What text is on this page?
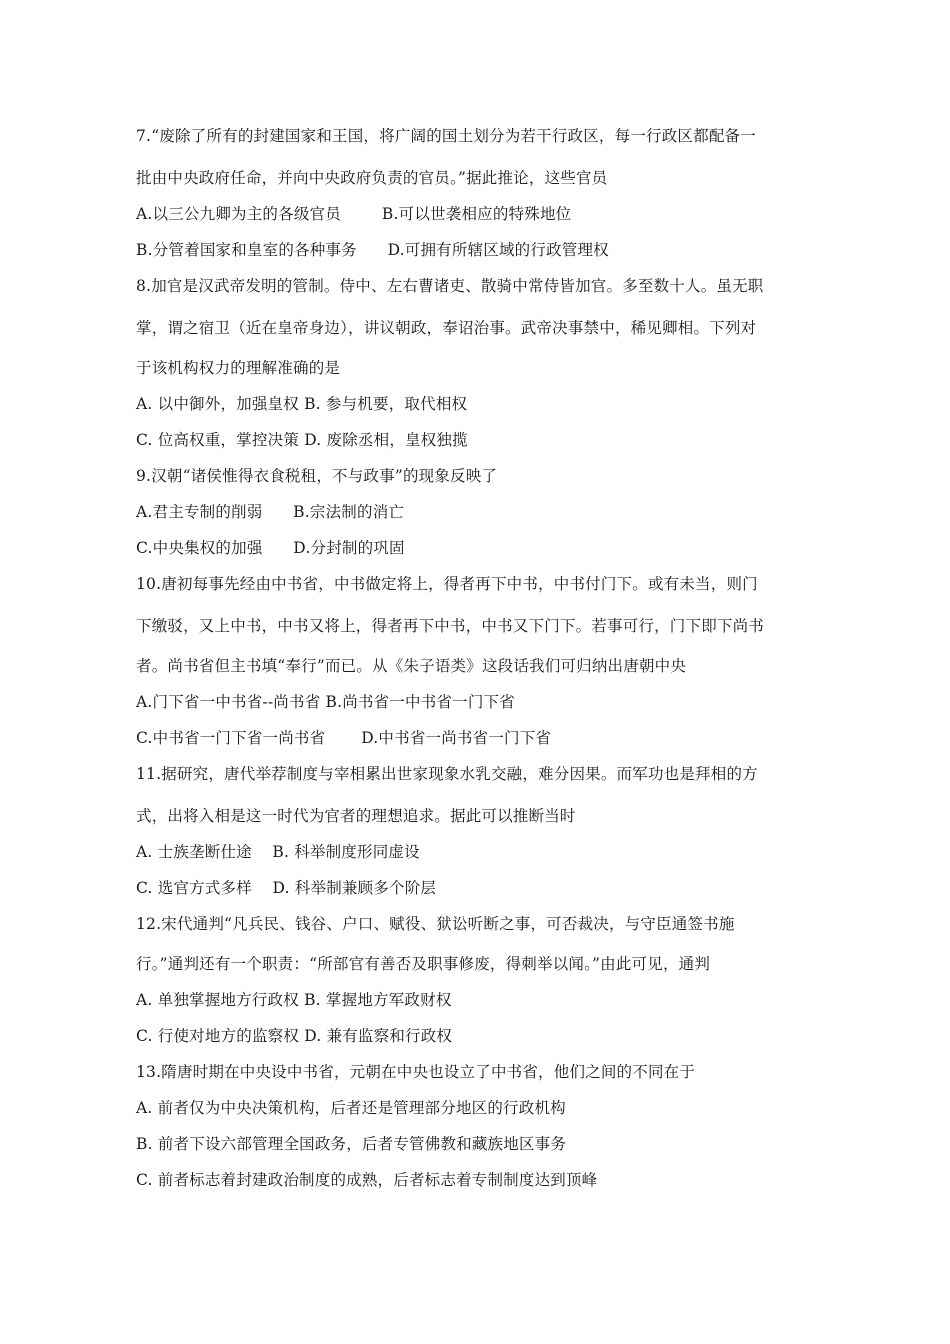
7.“废除了所有的封建国家和王国，将广阔的国土划分为若干行政区，每一行政区都配备一
批由中央政府任命，并向中央政府负责的官员。”据此推论，这些官员
A.以三公九卿为主的各级官员        B.可以世袭相应的特殊地位
B.分管着国家和皇室的各种事务      D.可拥有所辖区域的行政管理权
8.加官是汉武帝发明的管制。侍中、左右曹诸吏、散骑中常侍皆加官。多至数十人。虽无职
掌，谓之宿卫（近在皇帝身边），讲议朝政，奉诏治事。武帝决事禁中，稀见卿相。下列对
于该机构权力的理解准确的是
A. 以中御外，加强皇权 B. 参与机要，取代相权
C. 位高权重，掌控决策 D. 废除丞相，皇权独揽
9.汉朝“诸侯惟得衣食税租，不与政事”的现象反映了
A.君主专制的削弱      B.宗法制的消亡
C.中央集权的加强      D.分封制的巩固
10.唐初每事先经由中书省，中书做定将上，得者再下中书，中书付门下。或有未当，则门
下缴驳，又上中书，中书又将上，得者再下中书，中书又下门下。若事可行，门下即下尚书
者。尚书省但主书填“奉行”而已。从《朱子语类》这段话我们可归纳出唐朝中央
A.门下省一中书省--尚书省 B.尚书省一中书省一门下省
C.中书省一门下省一尚书省       D.中书省一尚书省一门下省
11.据研究，唐代举荐制度与宰相累出世家现象水乳交融，难分因果。而军功也是拜相的方
式，出将入相是这一时代为官者的理想追求。据此可以推断当时
A. 士族垄断仕途    B. 科举制度形同虚设
C. 选官方式多样    D. 科举制兼顾多个阶层
12.宋代通判“凡兵民、钱谷、户口、赋役、狱讼听断之事，可否裁决，与守臣通签书施
行。”通判还有一个职责：“所部官有善否及职事修废，得刺举以闻。”由此可见，通判
A. 单独掌握地方行政权 B. 掌握地方军政财权
C. 行使对地方的监察权 D. 兼有监察和行政权
13.隋唐时期在中央设中书省，元朝在中央也设立了中书省，他们之间的不同在于
A. 前者仅为中央决策机构，后者还是管理部分地区的行政机构
B. 前者下设六部管理全国政务，后者专管佛教和藏族地区事务
C. 前者标志着封建政治制度的成熟，后者标志着专制制度达到顶峰
